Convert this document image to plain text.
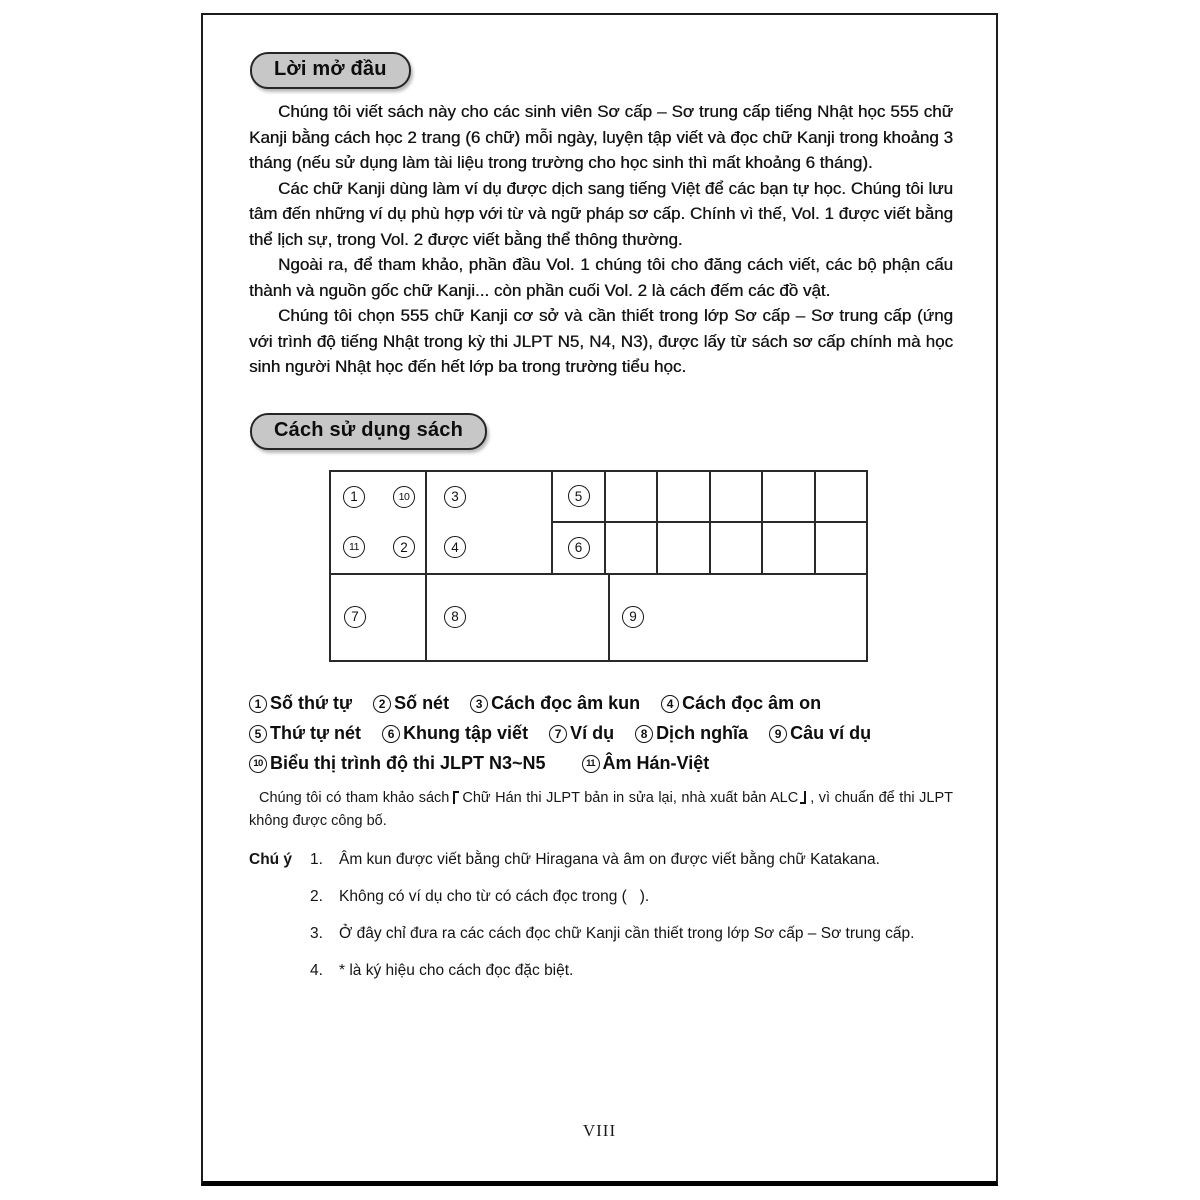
Lời mở đầu

Chúng tôi viết sách này cho các sinh viên Sơ cấp – Sơ trung cấp tiếng Nhật học 555 chữ Kanji bằng cách học 2 trang (6 chữ) mỗi ngày, luyện tập viết và đọc chữ Kanji trong khoảng 3 tháng (nếu sử dụng làm tài liệu trong trường cho học sinh thì mất khoảng 6 tháng).

Các chữ Kanji dùng làm ví dụ được dịch sang tiếng Việt để các bạn tự học. Chúng tôi lưu tâm đến những ví dụ phù hợp với từ và ngữ pháp sơ cấp. Chính vì thế, Vol. 1 được viết bằng thể lịch sự, trong Vol. 2 được viết bằng thể thông thường.

Ngoài ra, để tham khảo, phần đầu Vol. 1 chúng tôi cho đăng cách viết, các bộ phận cấu thành và nguồn gốc chữ Kanji... còn phần cuối Vol. 2 là cách đếm các đồ vật.

Chúng tôi chọn 555 chữ Kanji cơ sở và cần thiết trong lớp Sơ cấp – Sơ trung cấp (ứng với trình độ tiếng Nhật trong kỳ thi JLPT N5, N4, N3), được lấy từ sách sơ cấp chính mà học sinh người Nhật học đến hết lớp ba trong trường tiểu học.

Cách sử dụng sách
1	10
11	2
3
4
5
6
7	8	9
1 Số thứ tự	2 Số nét	3 Cách đọc âm kun	4 Cách đọc âm on
5 Thứ tự nét	6 Khung tập viết	7 Ví dụ	8 Dịch nghĩa	9 Câu ví dụ
10 Biểu thị trình độ thi JLPT N3~N5	11 Âm Hán-Việt

Chúng tôi có tham khảo sách Chữ Hán thi JLPT bản in sửa lại, nhà xuất bản ALC , vì chuẩn để thi JLPT không được công bố.

Chú ý	1.	Âm kun được viết bằng chữ Hiragana và âm on được viết bằng chữ Katakana.
2.	Không có ví dụ cho từ có cách đọc trong (   ).
3.	Ở đây chỉ đưa ra các cách đọc chữ Kanji cần thiết trong lớp Sơ cấp – Sơ trung cấp.
4.	* là ký hiệu cho cách đọc đặc biệt.
VIII
